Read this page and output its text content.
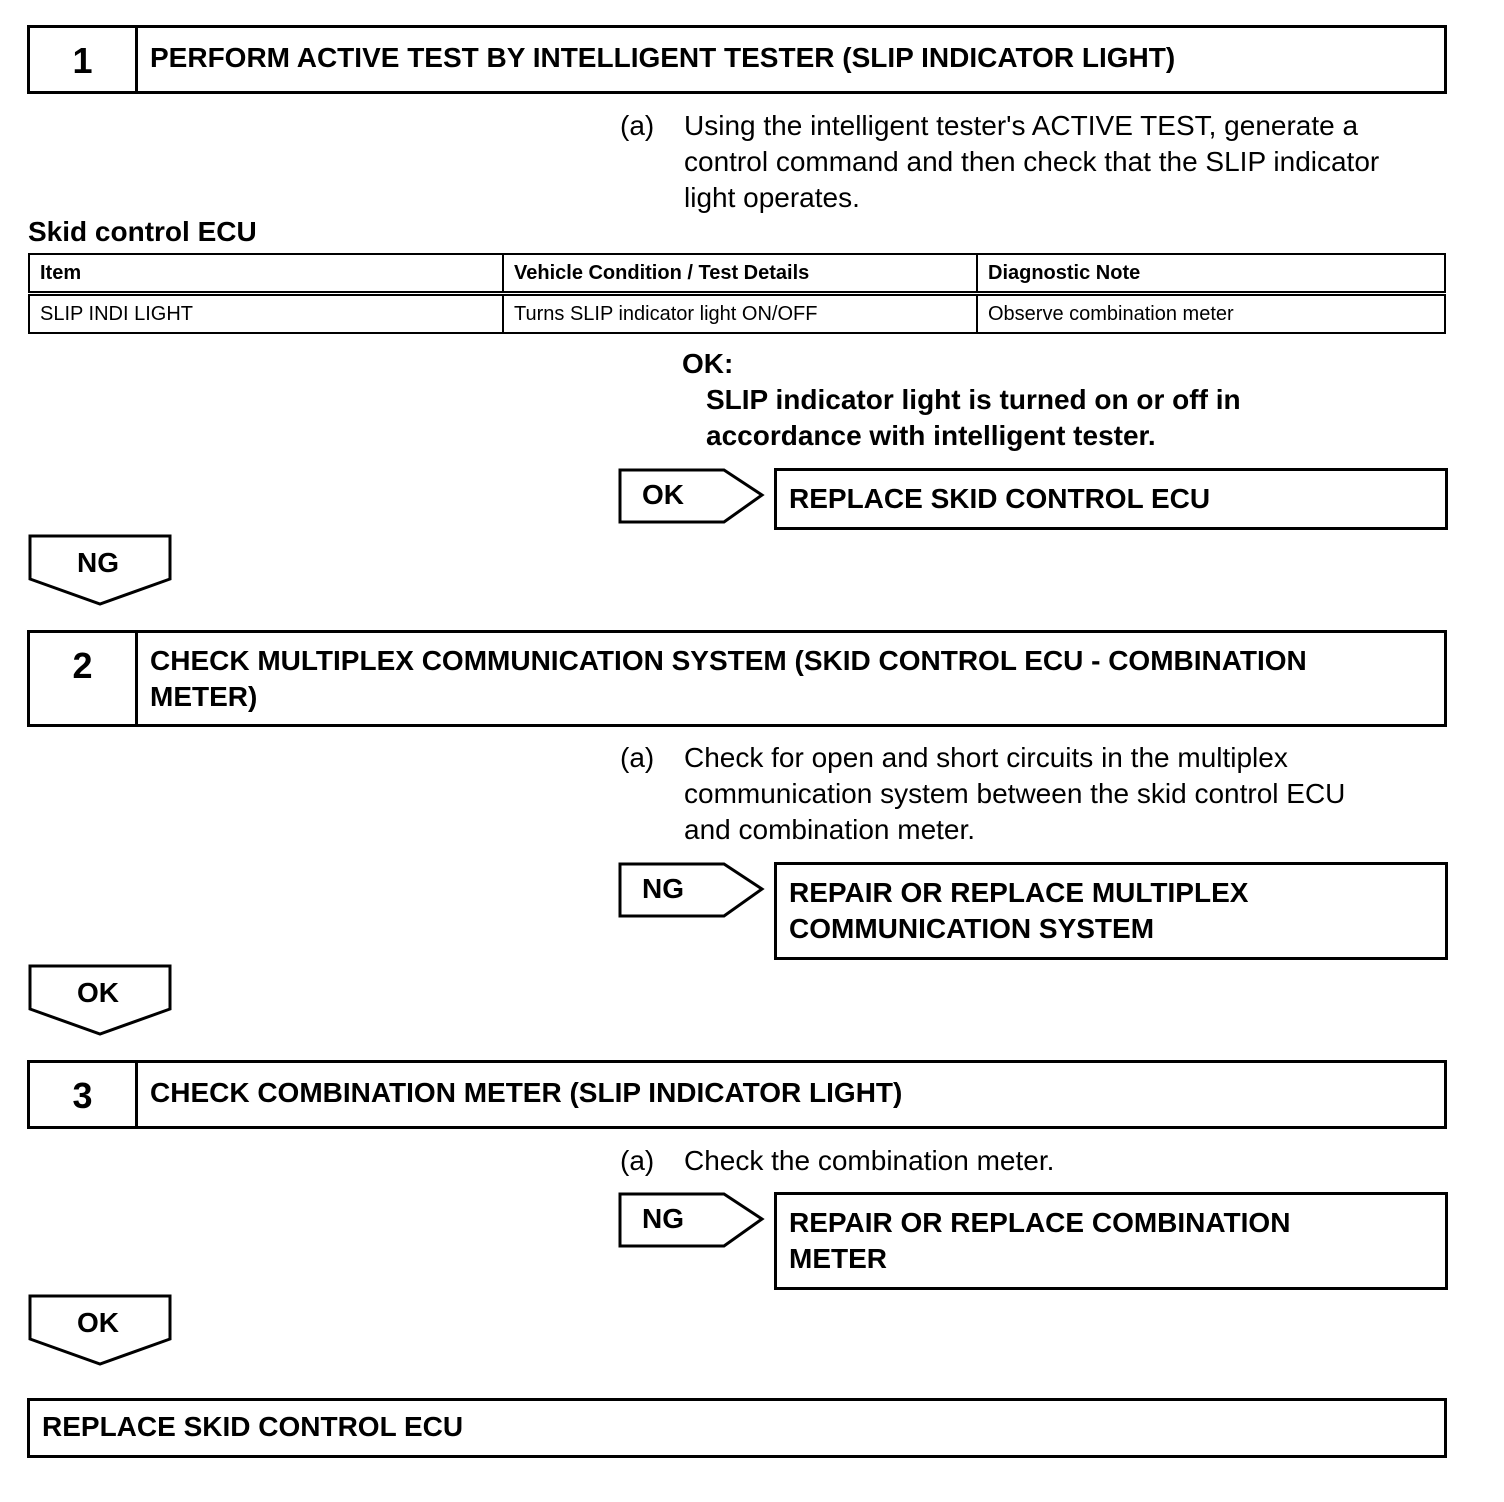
1	PERFORM ACTIVE TEST BY INTELLIGENT TESTER (SLIP INDICATOR LIGHT)
(a) Using the intelligent tester's ACTIVE TEST, generate a
control command and then check that the SLIP indicator
light operates.
Skid control ECU
Item	Vehicle Condition / Test Details	Diagnostic Note
SLIP INDI LIGHT	Turns SLIP indicator light ON/OFF	Observe combination meter
OK:
SLIP indicator light is turned on or off in
accordance with intelligent tester.
OK	REPLACE SKID CONTROL ECU
NG
2	CHECK MULTIPLEX COMMUNICATION SYSTEM (SKID CONTROL ECU - COMBINATION
METER)
(a) Check for open and short circuits in the multiplex
communication system between the skid control ECU
and combination meter.
NG	REPAIR OR REPLACE MULTIPLEX
COMMUNICATION SYSTEM
OK
3	CHECK COMBINATION METER (SLIP INDICATOR LIGHT)
(a) Check the combination meter.
NG	REPAIR OR REPLACE COMBINATION
METER
OK
REPLACE SKID CONTROL ECU
